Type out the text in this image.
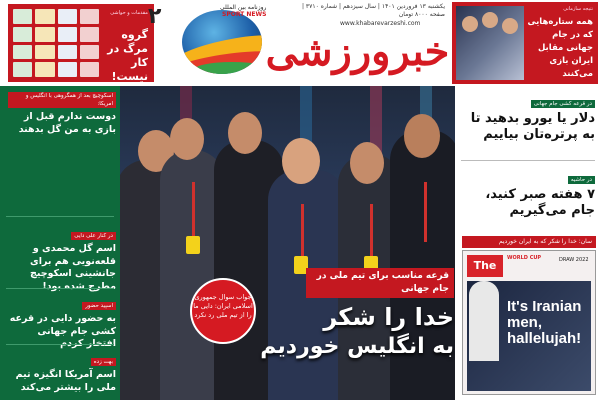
مقدمات و حواشی
گروه مرگ در کار نیست!
۲	روزنامه بین المللی
SPORT NEWS
یکشنبه ۱۳ فروردین ۱۴۰۱ | سال سیزدهم | شماره ۳۷۱۰ | صفحه ۸۰۰۰ تومان
www.khabarevarzeshi.com
خبرورزشی
نتیجه سازمانی
همه ستاره‌هایی که در جام جهانی مقابل ایران بازی می‌کنند
اسکوچیچ بعد از همگروهی با انگلیس و امریکا:
دوست ندارم قبل از بازی به من گل بدهند
در کنار علی دایی
اسم گل محمدی و قلعه‌نویی هم برای جانشینی اسکوچیچ مطرح شده بود!
اسپید حضور
به حضور دایی در قرعه کشی جام جهانی افتخار کردم
بهت زده
اسم آمریکا انگیزه تیم ملی را بیشتر می‌کند
جواب سوال جمهوری اسلامی ایران: دایی ما را از تیم ملی رد نکرد
قرعه مناسب برای تیم ملی در جام جهانی
خدا را شکر
به انگلیس خوردیم
در قرعه کشی جام جهانی
دلار یا یورو بدهید تا به پرتره‌تان بیاییم
در حاشیه
۷ هفته صبر کنید، جام می‌گیریم
سان: خدا را شکر که به ایران خوردیم
The
WORLD CUP	DRAW 2022
It's Iranian men, hallelujah!
